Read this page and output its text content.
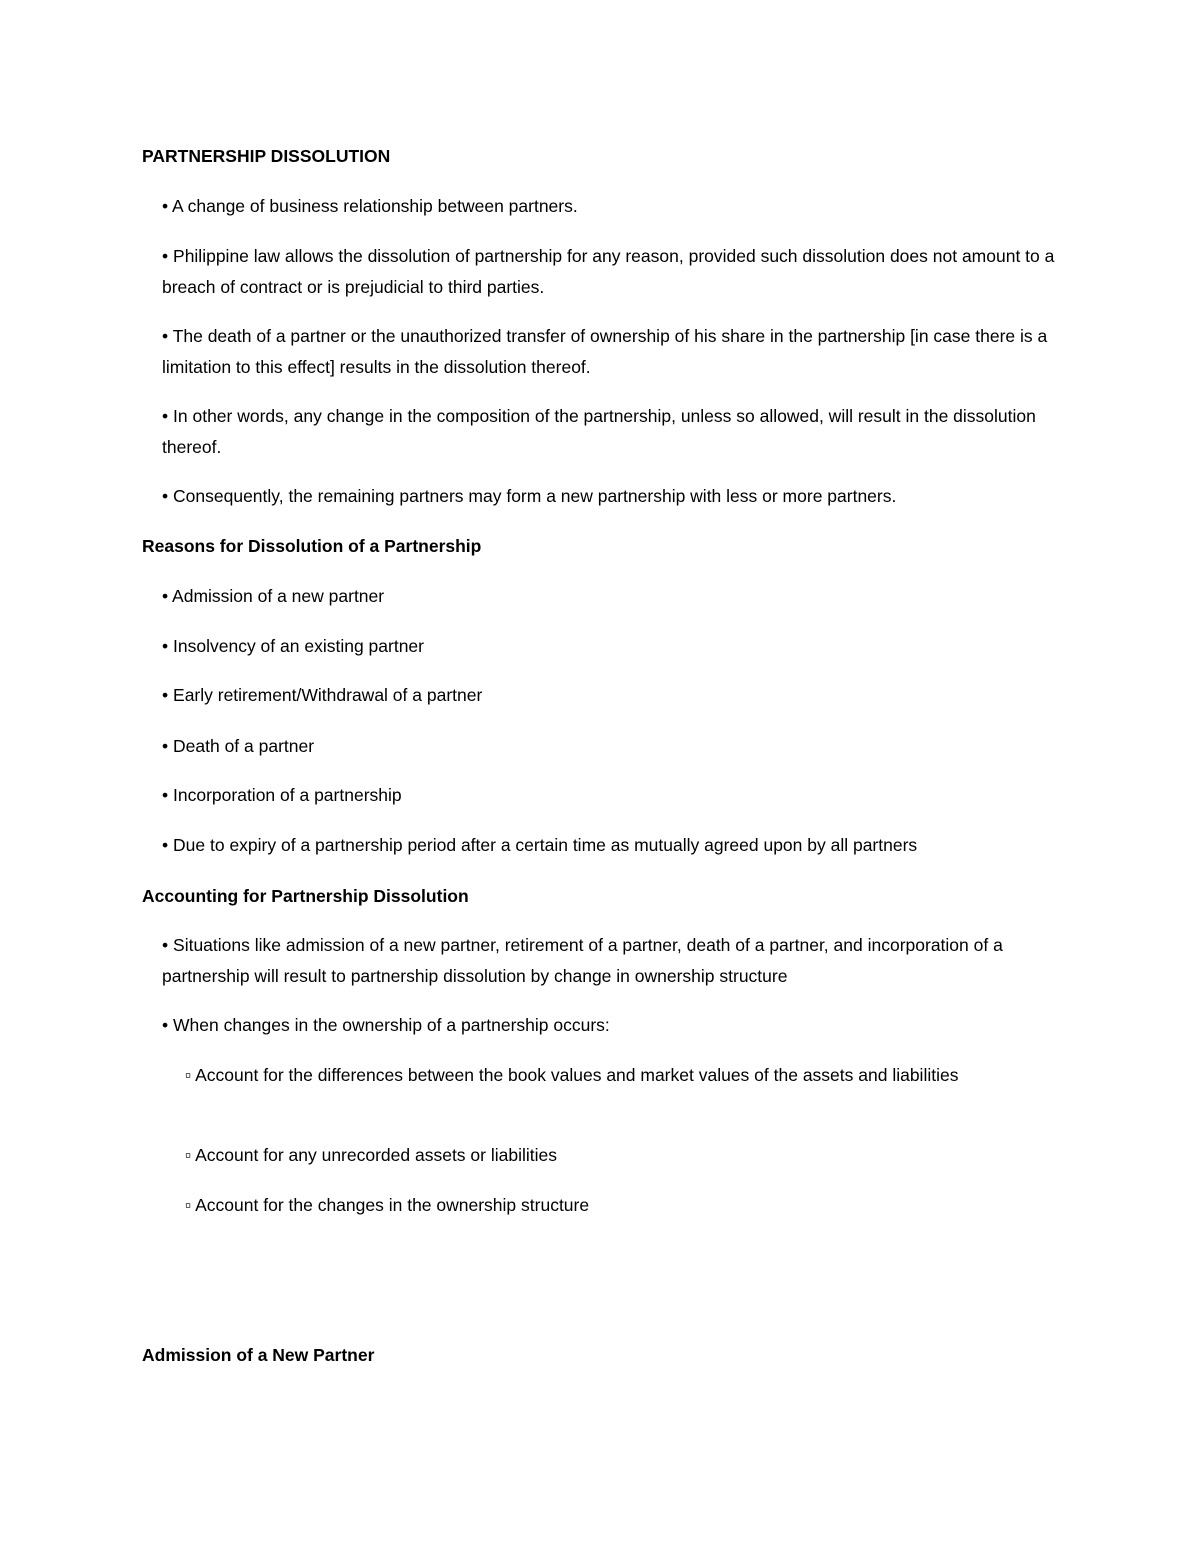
PARTNERSHIP DISSOLUTION

• A change of business relationship between partners.

• Philippine law allows the dissolution of partnership for any reason, provided such dissolution does not amount to a breach of contract or is prejudicial to third parties.

• The death of a partner or the unauthorized transfer of ownership of his share in the partnership [in case there is a limitation to this effect] results in the dissolution thereof.

• In other words, any change in the composition of the partnership, unless so allowed, will result in the dissolution thereof.

• Consequently, the remaining partners may form a new partnership with less or more partners.

Reasons for Dissolution of a Partnership

• Admission of a new partner

• Insolvency of an existing partner

• Early retirement/Withdrawal of a partner

• Death of a partner

• Incorporation of a partnership

• Due to expiry of a partnership period after a certain time as mutually agreed upon by all partners

Accounting for Partnership Dissolution

• Situations like admission of a new partner, retirement of a partner, death of a partner, and incorporation of a partnership will result to partnership dissolution by change in ownership structure

• When changes in the ownership of a partnership occurs:

▫ Account for the differences between the book values and market values of the assets and liabilities

▫ Account for any unrecorded assets or liabilities

▫ Account for the changes in the ownership structure

Admission of a New Partner
